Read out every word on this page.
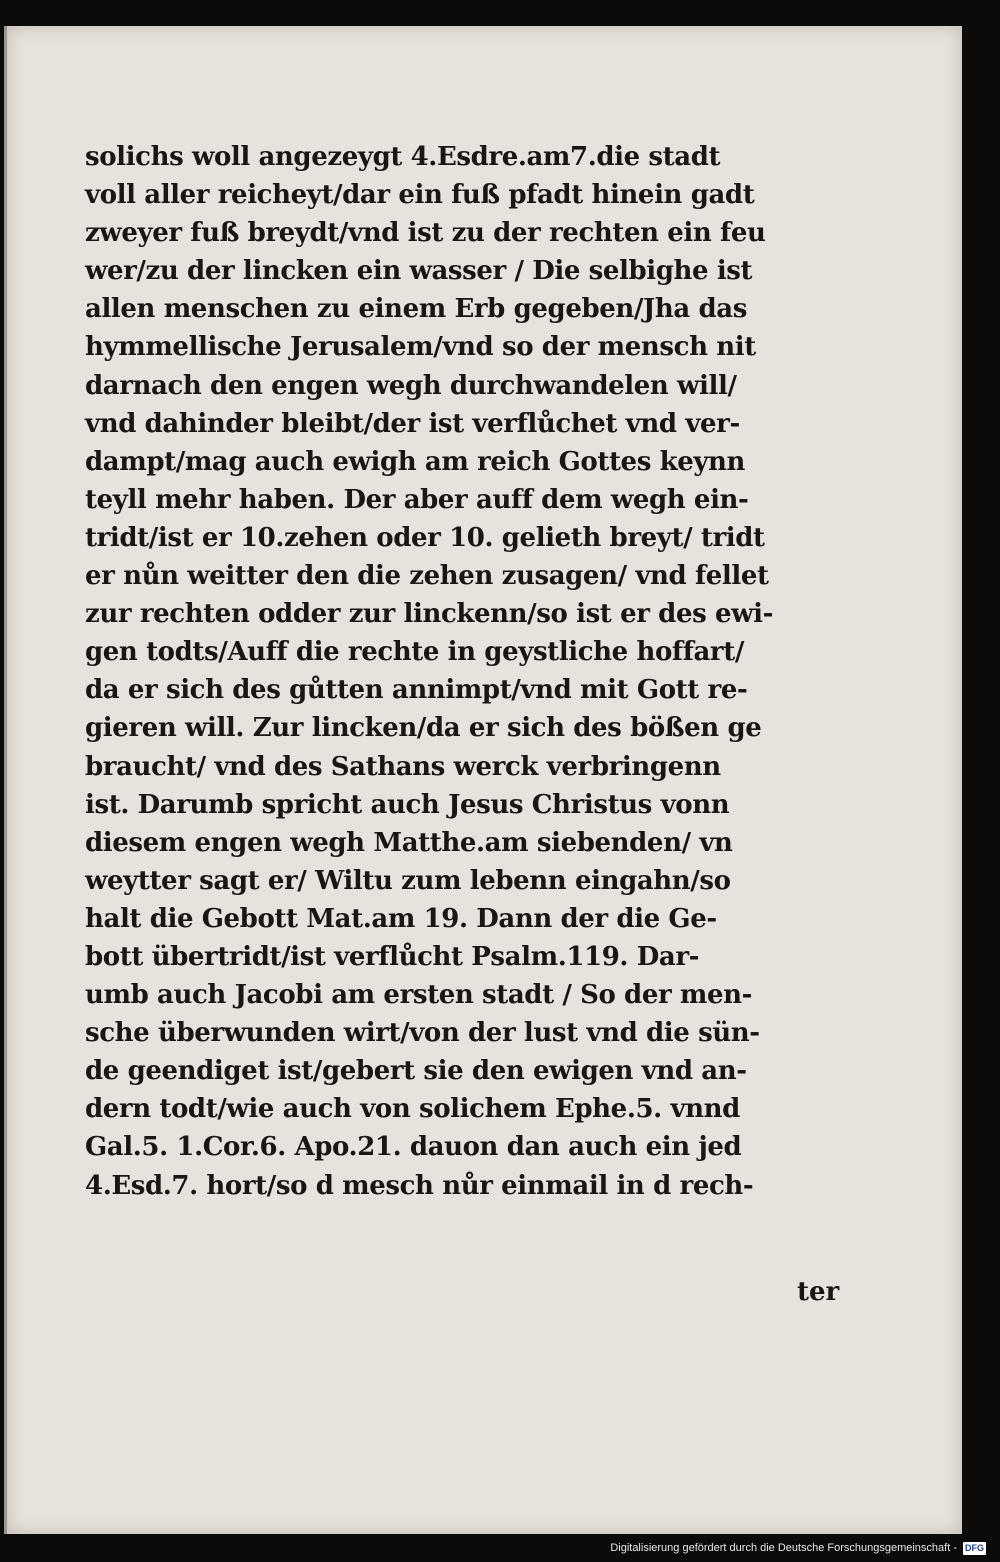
solichs woll angezeygt 4.Esdre.am7.die stadt
voll aller reicheyt/dar ein fuß pfadt hinein gadt
zweyer fuß breydt/vnd ist zu der rechten ein feu
wer/zu der lincken ein wasser / Die selbighe ist
allen menschen zu einem Erb gegeben/Jha das
hymmellische Jerusalem/vnd so der mensch nit
darnach den engen wegh durchwandelen will/
vnd dahinder bleibt/der ist verflůchet vnd ver-
dampt/mag auch ewigh am reich Gottes keynn
teyll mehr haben. Der aber auff dem wegh ein-
tridt/ist er 10.zehen oder 10. gelieth breyt/ tridt
er nůn weitter den die zehen zusagen/ vnd fellet
zur rechten odder zur linckenn/so ist er des ewi-
gen todts/Auff die rechte in geystliche hoffart/
da er sich des gůtten annimpt/vnd mit Gott re-
gieren will. Zur lincken/da er sich des bößen ge
braucht/ vnd des Sathans werck verbringenn
ist. Darumb spricht auch Jesus Christus vonn
diesem engen wegh Matthe.am siebenden/ vn
weytter sagt er/ Wiltu zum lebenn eingahn/so
halt die Gebott Mat.am 19. Dann der die Ge-
bott übertridt/ist verflůcht Psalm.119. Dar-
umb auch Jacobi am ersten stadt / So der men-
sche überwunden wirt/von der lust vnd die sün-
de geendiget ist/gebert sie den ewigen vnd an-
dern todt/wie auch von solichem Ephe.5. vnnd
Gal.5. 1.Cor.6. Apo.21. dauon dan auch ein jed
4.Esd.7. hort/so d mesch nůr einmail in d rech-
ter
Digitalisierung gefördert durch die Deutsche Forschungsgemeinschaft - DFG
